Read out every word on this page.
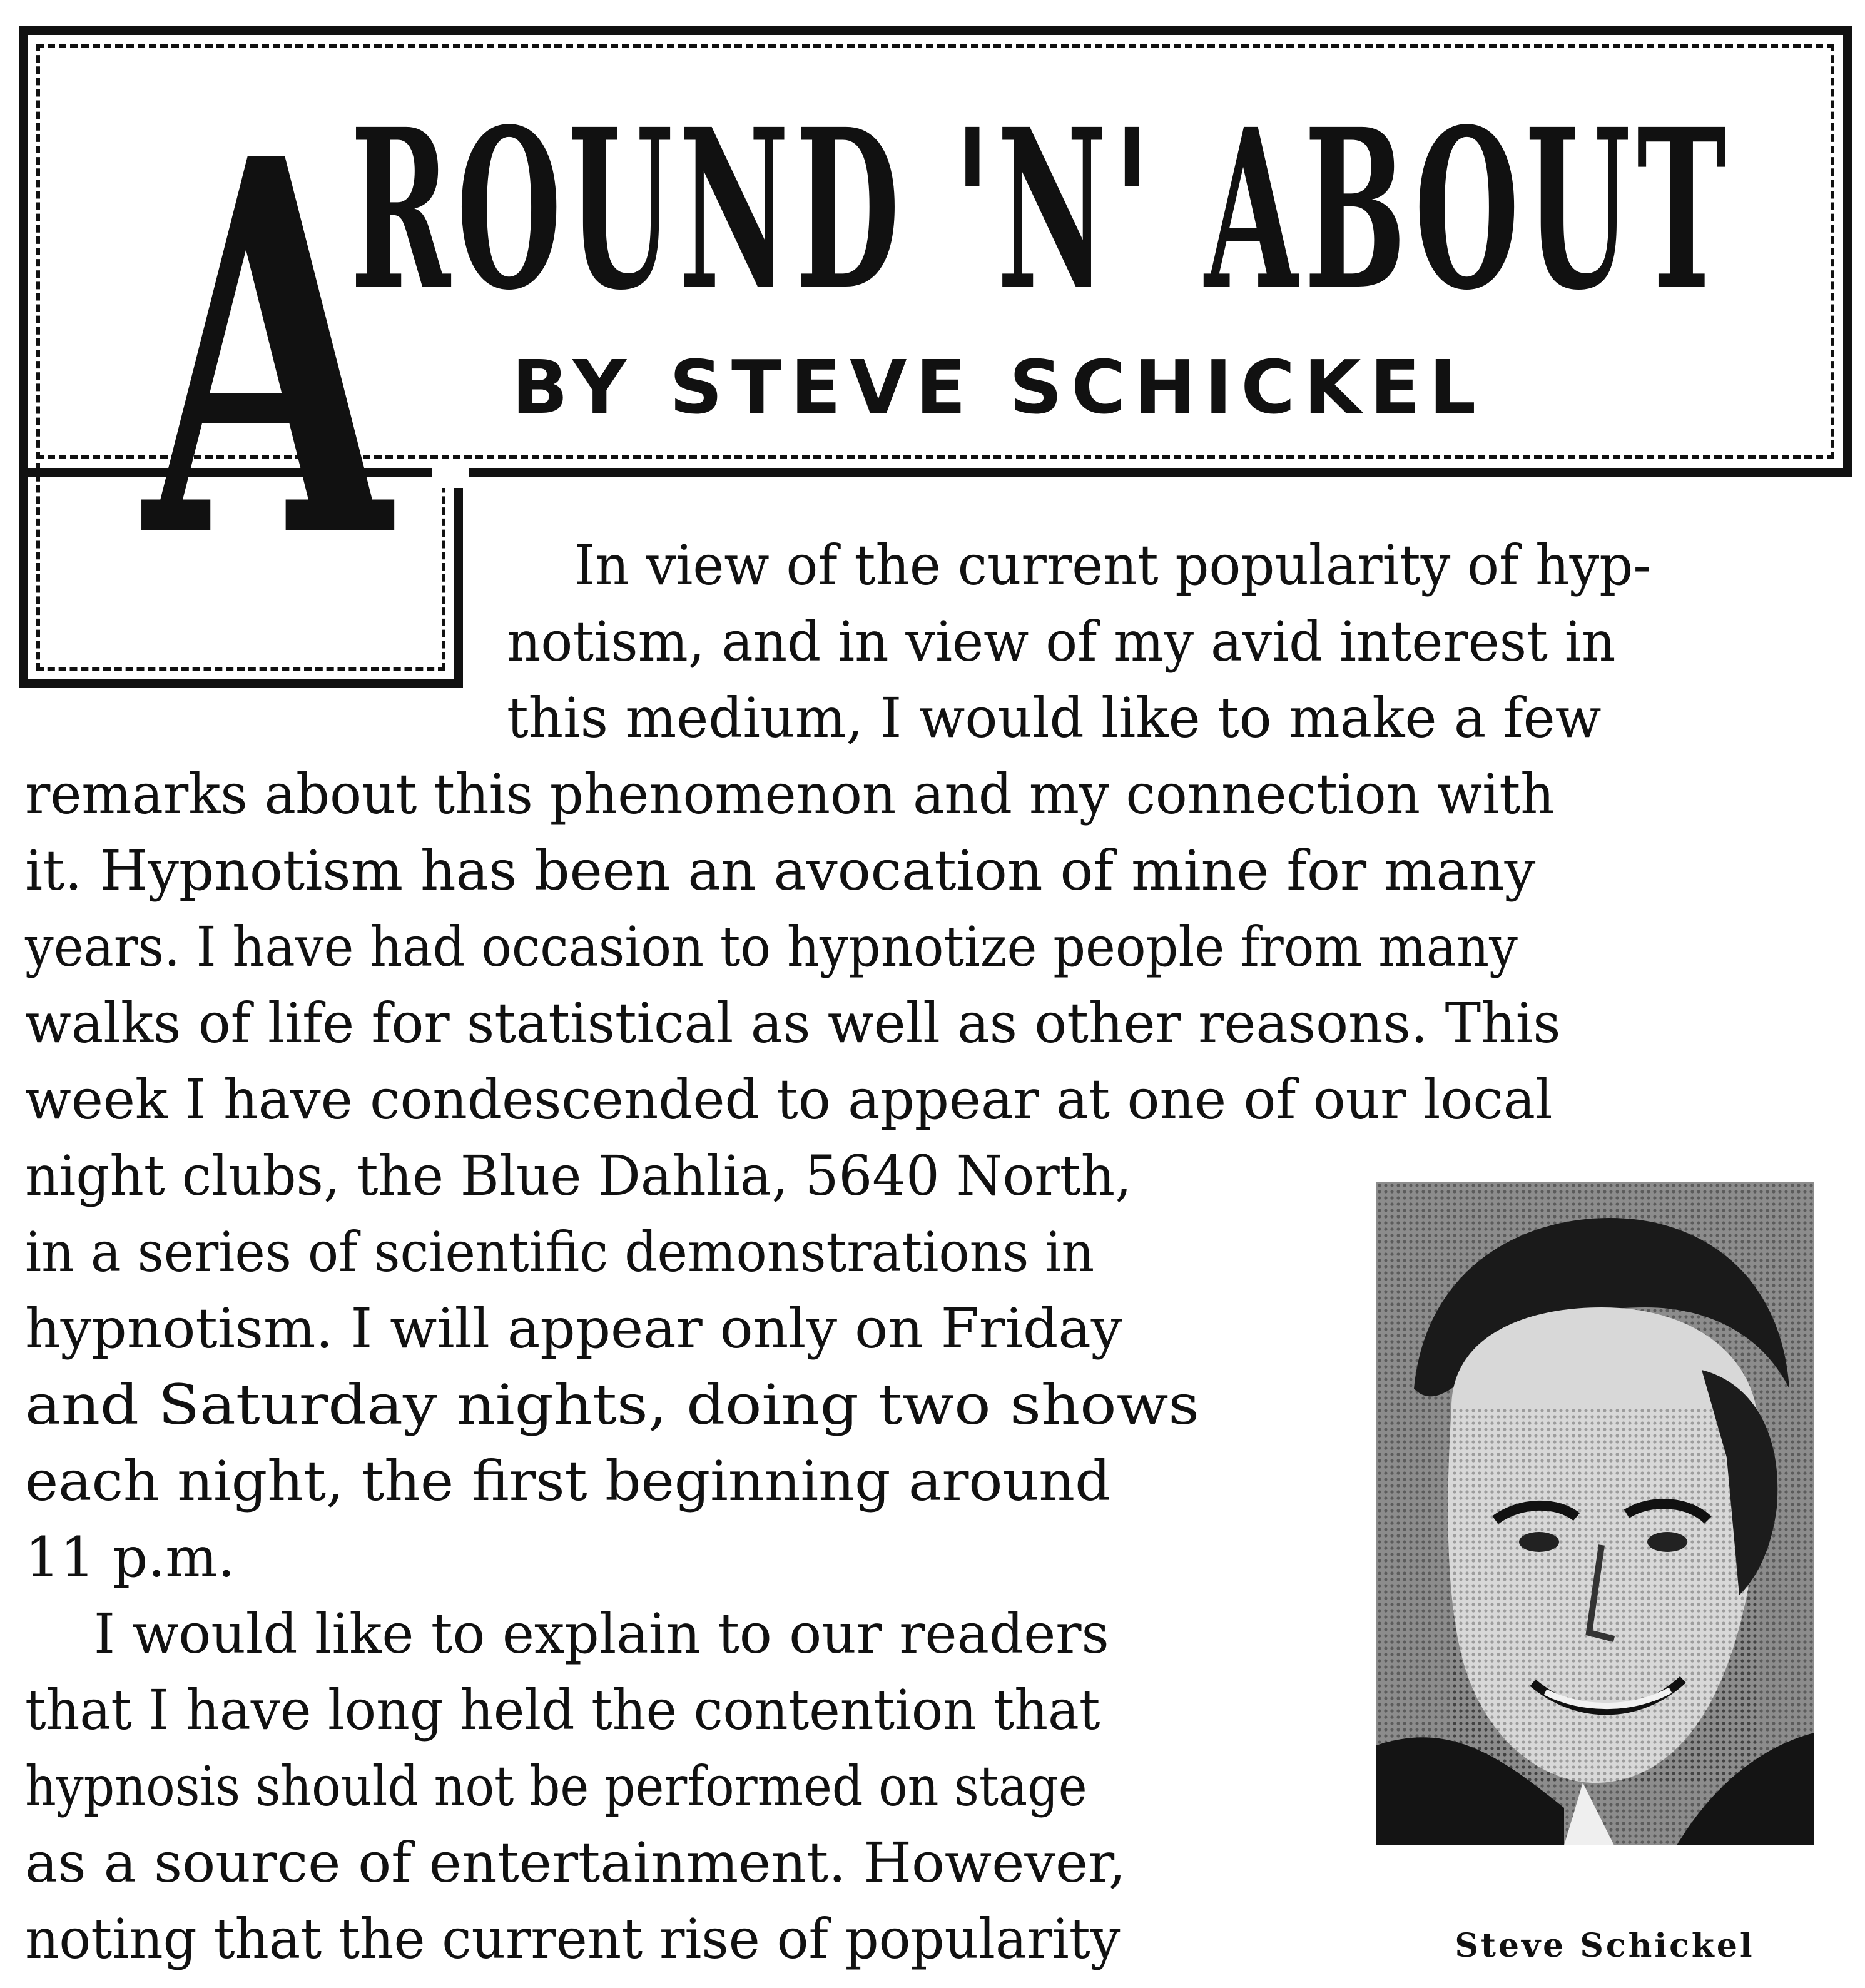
A
ROUND 'N' ABOUT
BY STEVE SCHICKEL
In view of the current popularity of hyp-
notism, and in view of my avid interest in
this medium, I would like to make a few
remarks about this phenomenon and my connection with
it. Hypnotism has been an avocation of mine for many
years. I have had occasion to hypnotize people from many
walks of life for statistical as well as other reasons. This
week I have condescended to appear at one of our local
night clubs, the Blue Dahlia, 5640 North,
in a series of scientific demonstrations in
hypnotism. I will appear only on Friday
and Saturday nights, doing two shows
each night, the first beginning around
11 p.m.
I would like to explain to our readers
that I have long held the contention that
hypnosis should not be performed on stage
as a source of entertainment. However,
noting that the current rise of popularity	Steve Schickel
